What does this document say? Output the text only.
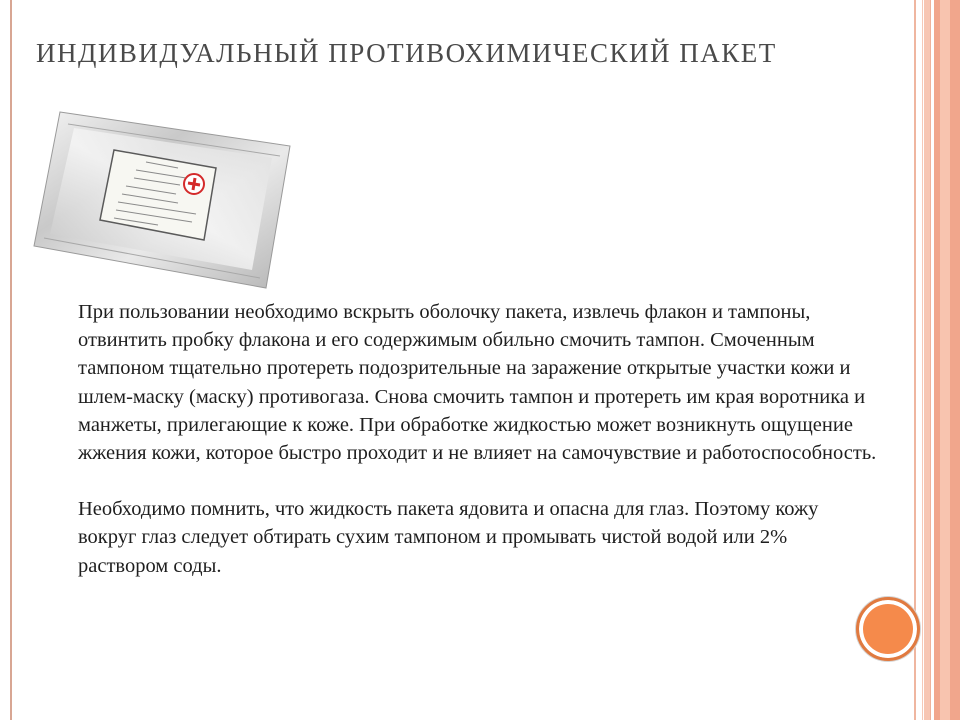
ИНДИВИДУАЛЬНЫЙ ПРОТИВОХИМИЧЕСКИЙ ПАКЕТ

При пользовании необходимо вскрыть оболочку пакета, извлечь флакон и тампоны, отвинтить пробку флакона и его содержимым обильно смочить тампон. Смоченным тампоном тщательно протереть подозрительные на заражение открытые участки кожи и шлем-маску (маску) противогаза. Снова смочить тампон и протереть им края воротника и манжеты, прилегающие к коже. При обработке жидкостью может возникнуть ощущение жжения кожи, которое быстро проходит и не влияет на самочувствие и работоспособность.

Необходимо помнить, что жидкость пакета ядовита и опасна для глаз. Поэтому кожу вокруг глаз следует обтирать сухим тампоном и промывать чистой водой или 2% раствором соды.
